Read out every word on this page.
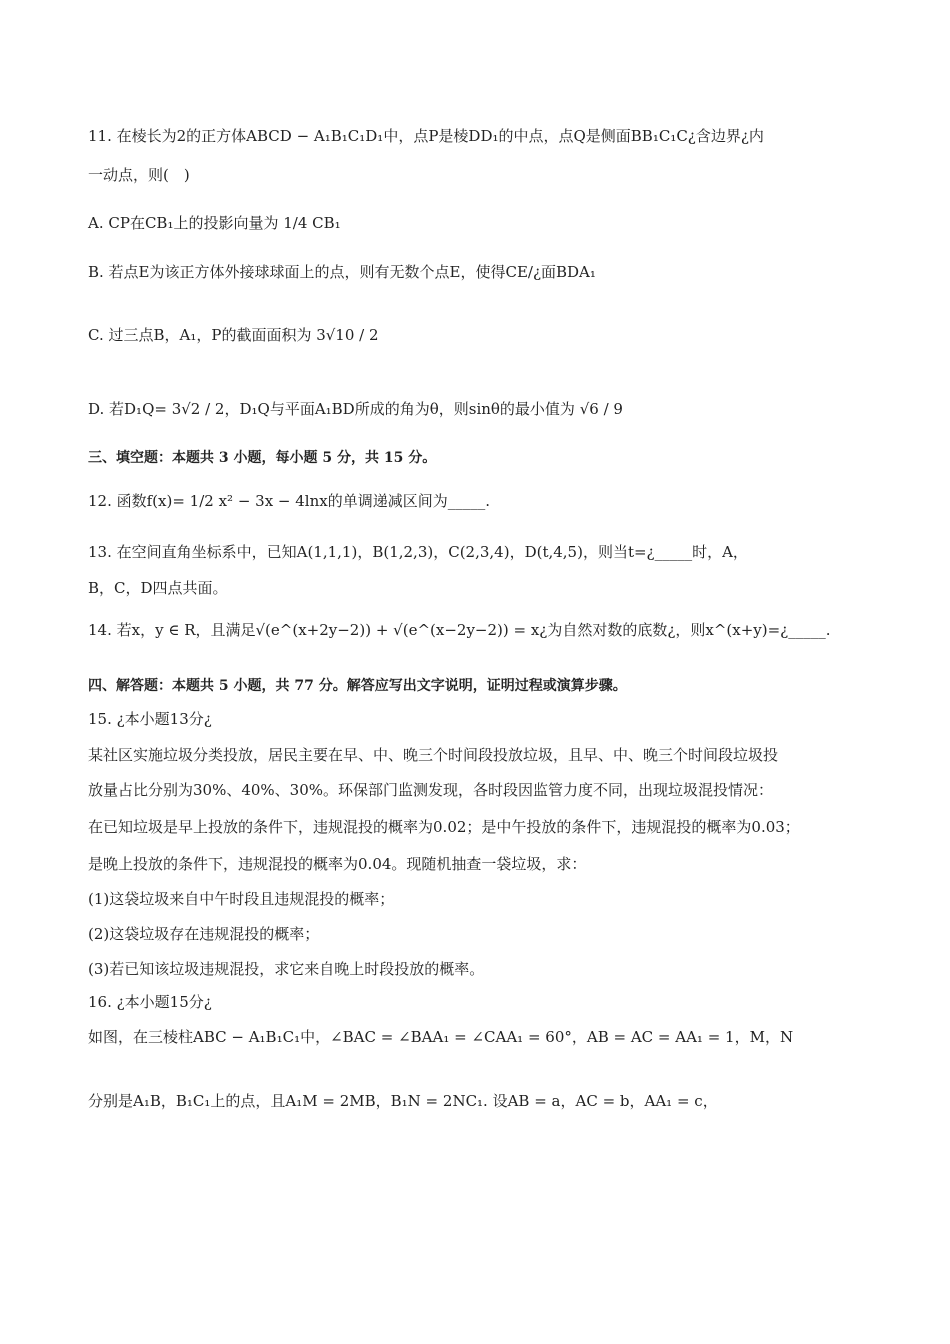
11. 在棱长为2的正方体ABCD − A₁B₁C₁D₁中，点P是棱DD₁的中点，点Q是侧面BB₁C₁C¿含边界¿内
一动点，则(　)
A. CP在CB₁上的投影向量为 1/4 CB₁
B. 若点E为该正方体外接球球面上的点，则有无数个点E，使得CE/¿面BDA₁
C. 过三点B，A₁，P的截面面积为 3√10 / 2
D. 若D₁Q= 3√2 / 2，D₁Q与平面A₁BD所成的角为θ，则sinθ的最小值为 √6 / 9
三、填空题：本题共 3 小题，每小题 5 分，共 15 分。
12. 函数f(x)= 1/2 x² − 3x − 4lnx的单调递减区间为_____.
13. 在空间直角坐标系中，已知A(1,1,1)，B(1,2,3)，C(2,3,4)，D(t,4,5)，则当t=¿_____时，A，
B，C，D四点共面。
14. 若x，y ∈ R，且满足√(e^(x+2y−2)) + √(e^(x−2y−2)) = x¿为自然对数的底数¿，则x^(x+y)=¿_____.
四、解答题：本题共 5 小题，共 77 分。解答应写出文字说明，证明过程或演算步骤。
15. ¿本小题13分¿
某社区实施垃圾分类投放，居民主要在早、中、晚三个时间段投放垃圾，且早、中、晚三个时间段垃圾投
放量占比分别为30%、40%、30%。环保部门监测发现，各时段因监管力度不同，出现垃圾混投情况：
在已知垃圾是早上投放的条件下，违规混投的概率为0.02；是中午投放的条件下，违规混投的概率为0.03；
是晚上投放的条件下，违规混投的概率为0.04。现随机抽查一袋垃圾，求：
(1)这袋垃圾来自中午时段且违规混投的概率；
(2)这袋垃圾存在违规混投的概率；
(3)若已知该垃圾违规混投，求它来自晚上时段投放的概率。
16. ¿本小题15分¿
如图，在三棱柱ABC − A₁B₁C₁中，∠BAC = ∠BAA₁ = ∠CAA₁ = 60°，AB = AC = AA₁ = 1，M，N
分别是A₁B，B₁C₁上的点，且A₁M = 2MB，B₁N = 2NC₁. 设AB = a，AC = b，AA₁ = c，
